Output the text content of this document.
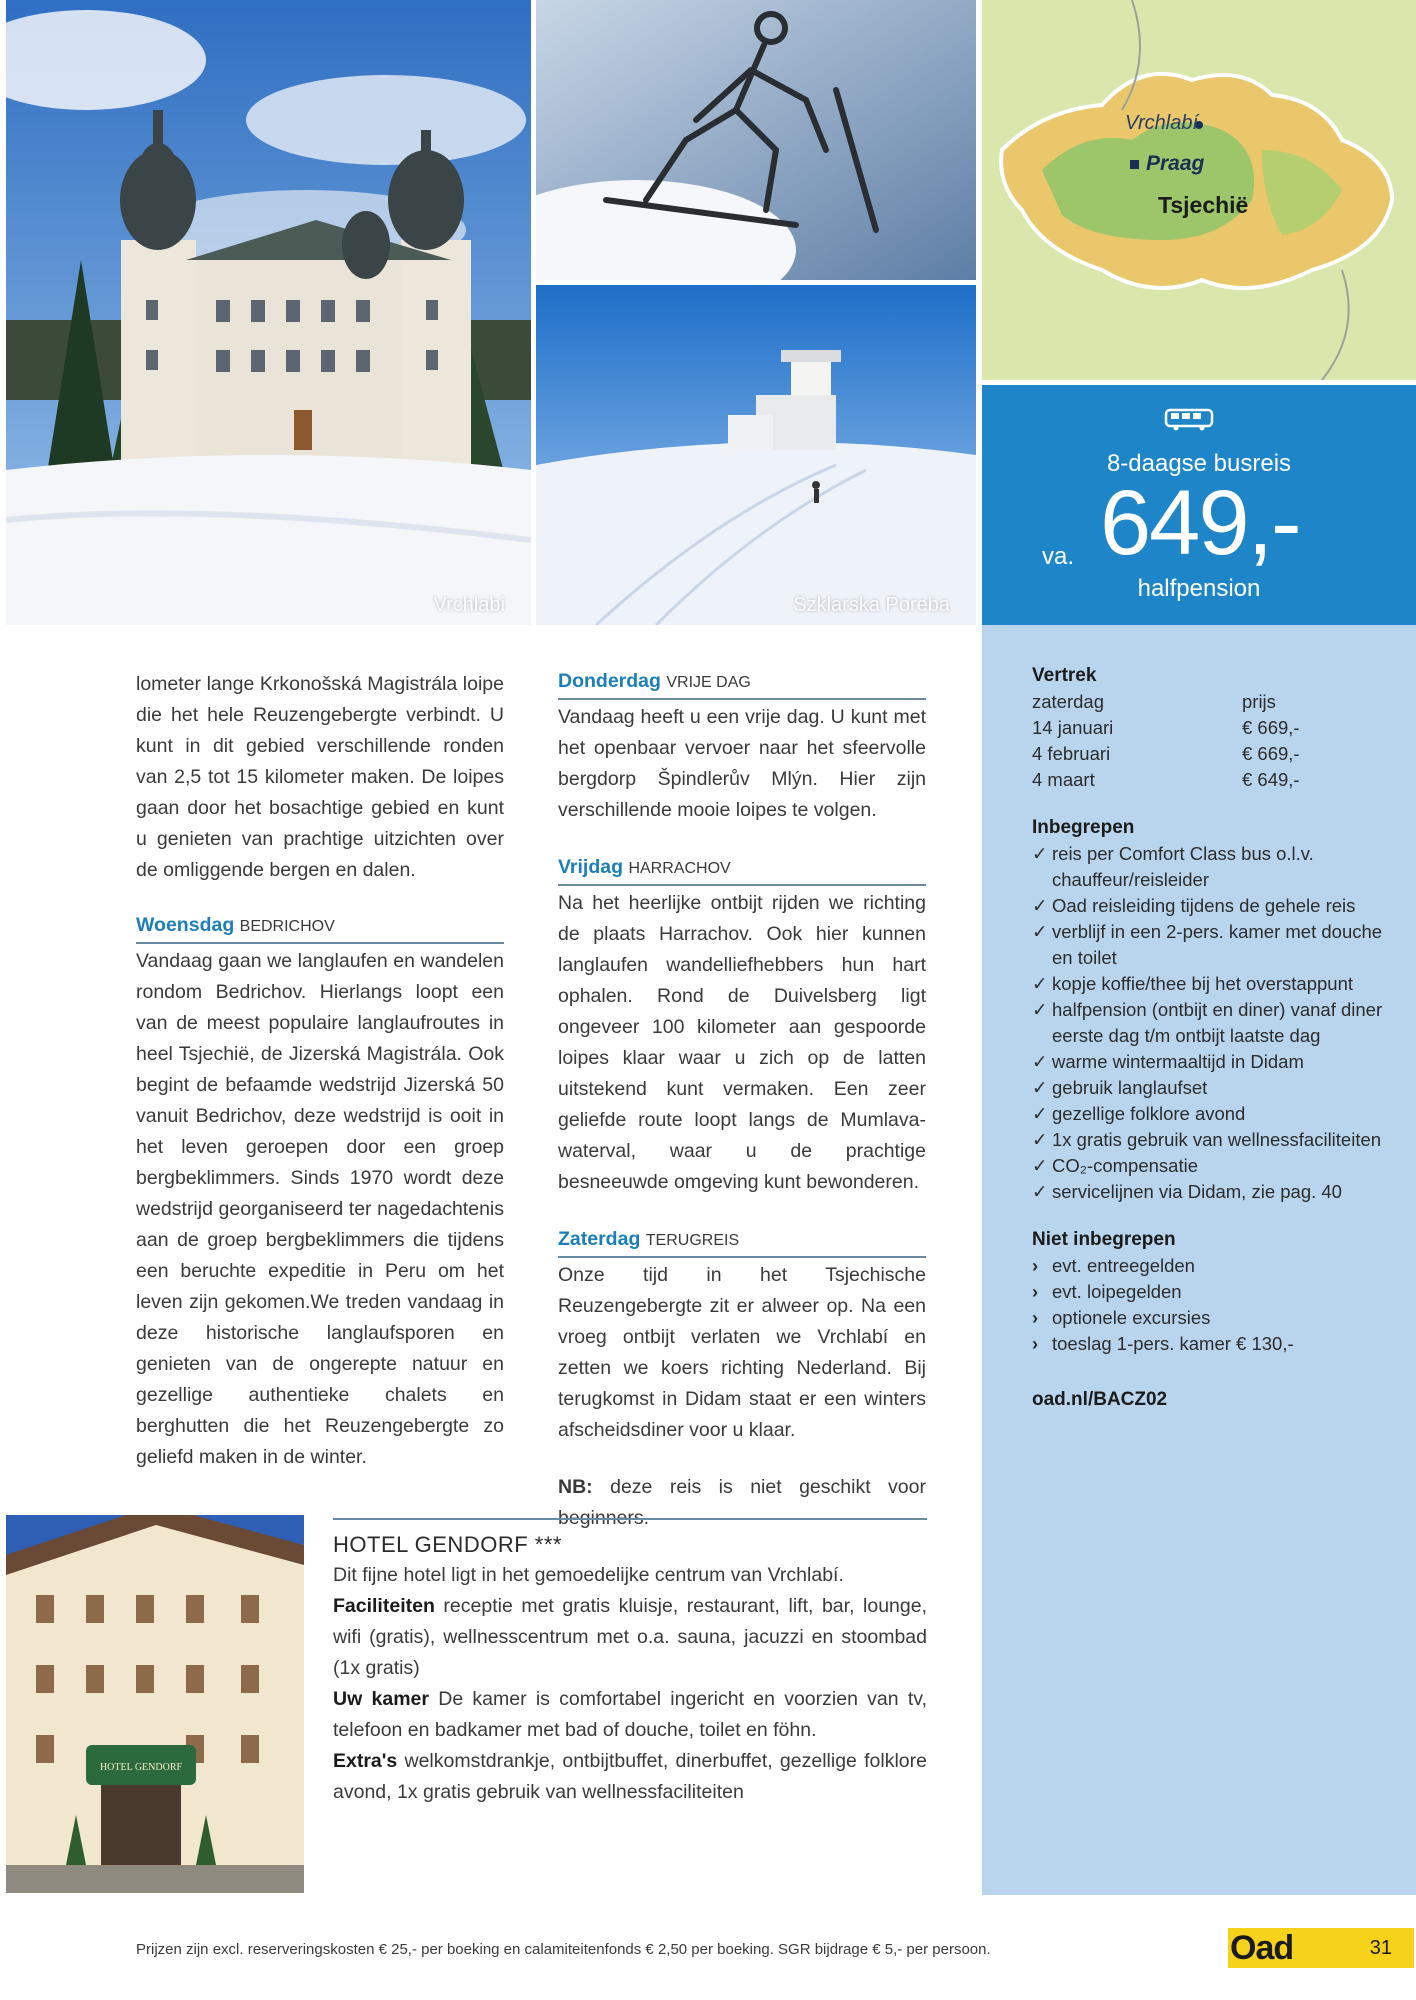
Vrchlabi	Szklarska Poreba
Vrchlabí
Praag
Tsjechië
8-daagse busreis
va. 649,-
halfpension

lometer lange Krkonošská Magistrála loipe die het hele Reuzengebergte verbindt. U kunt in dit gebied verschillende ronden van 2,5 tot 15 kilometer maken. De loipes gaan door het bosachtige gebied en kunt u genieten van prachtige uitzichten over de omliggende bergen en dalen.

Woensdag BEDRICHOV
Vandaag gaan we langlaufen en wandelen rondom Bedrichov. Hierlangs loopt een van de meest populaire langlaufroutes in heel Tsjechië, de Jizerská Magistrála. Ook begint de befaamde wedstrijd Jizerská 50 vanuit Bedrichov, deze wedstrijd is ooit in het leven geroepen door een groep bergbeklimmers. Sinds 1970 wordt deze wedstrijd georganiseerd ter nagedachtenis aan de groep bergbeklimmers die tijdens een beruchte expeditie in Peru om het leven zijn gekomen.We treden vandaag in deze historische langlaufsporen en genieten van de ongerepte natuur en gezellige authentieke chalets en berghutten die het Reuzengebergte zo geliefd maken in de winter.
Donderdag VRIJE DAG
Vandaag heeft u een vrije dag. U kunt met het openbaar vervoer naar het sfeervolle bergdorp Špindlerův Mlýn. Hier zijn verschillende mooie loipes te volgen.
Vrijdag HARRACHOV
Na het heerlijke ontbijt rijden we richting de plaats Harrachov. Ook hier kunnen langlaufen wandelliefhebbers hun hart ophalen. Rond de Duivelsberg ligt ongeveer 100 kilometer aan gespoorde loipes klaar waar u zich op de latten uitstekend kunt vermaken. Een zeer geliefde route loopt langs de Mumlava-waterval, waar u de prachtige besneeuwde omgeving kunt bewonderen.
Zaterdag TERUGREIS
Onze tijd in het Tsjechische Reuzengebergte zit er alweer op. Na een vroeg ontbijt verlaten we Vrchlabí en zetten we koers richting Nederland. Bij terugkomst in Didam staat er een winters afscheidsdiner voor u klaar.
NB: deze reis is niet geschikt voor beginners.
Vertrek
zaterdag	prijs
14 januari	€ 669,-
4 februari	€ 669,-
4 maart	€ 649,-
Inbegrepen
✓ reis per Comfort Class bus o.l.v. chauffeur/reisleider
✓ Oad reisleiding tijdens de gehele reis
✓ verblijf in een 2-pers. kamer met douche en toilet
✓ kopje koffie/thee bij het overstappunt
✓ halfpension (ontbijt en diner) vanaf diner eerste dag t/m ontbijt laatste dag
✓ warme wintermaaltijd in Didam
✓ gebruik langlaufset
✓ gezellige folklore avond
✓ 1x gratis gebruik van wellnessfaciliteiten
✓ CO₂-compensatie
✓ servicelijnen via Didam, zie pag. 40
Niet inbegrepen
› evt. entreegelden
› evt. loipegelden
› optionele excursies
› toeslag 1-pers. kamer € 130,-
oad.nl/BACZ02
HOTEL GENDORF
HOTEL GENDORF ***
Dit fijne hotel ligt in het gemoedelijke centrum van Vrchlabí.
Faciliteiten receptie met gratis kluisje, restaurant, lift, bar, lounge, wifi (gratis), wellnesscentrum met o.a. sauna, jacuzzi en stoombad (1x gratis)
Uw kamer De kamer is comfortabel ingericht en voorzien van tv, telefoon en badkamer met bad of douche, toilet en föhn.
Extra's welkomstdrankje, ontbijtbuffet, dinerbuffet, gezellige folklore avond, 1x gratis gebruik van wellnessfaciliteiten
Prijzen zijn excl. reserveringskosten € 25,- per boeking en calamiteitenfonds € 2,50 per boeking. SGR bijdrage € 5,- per persoon.	Oad	31
